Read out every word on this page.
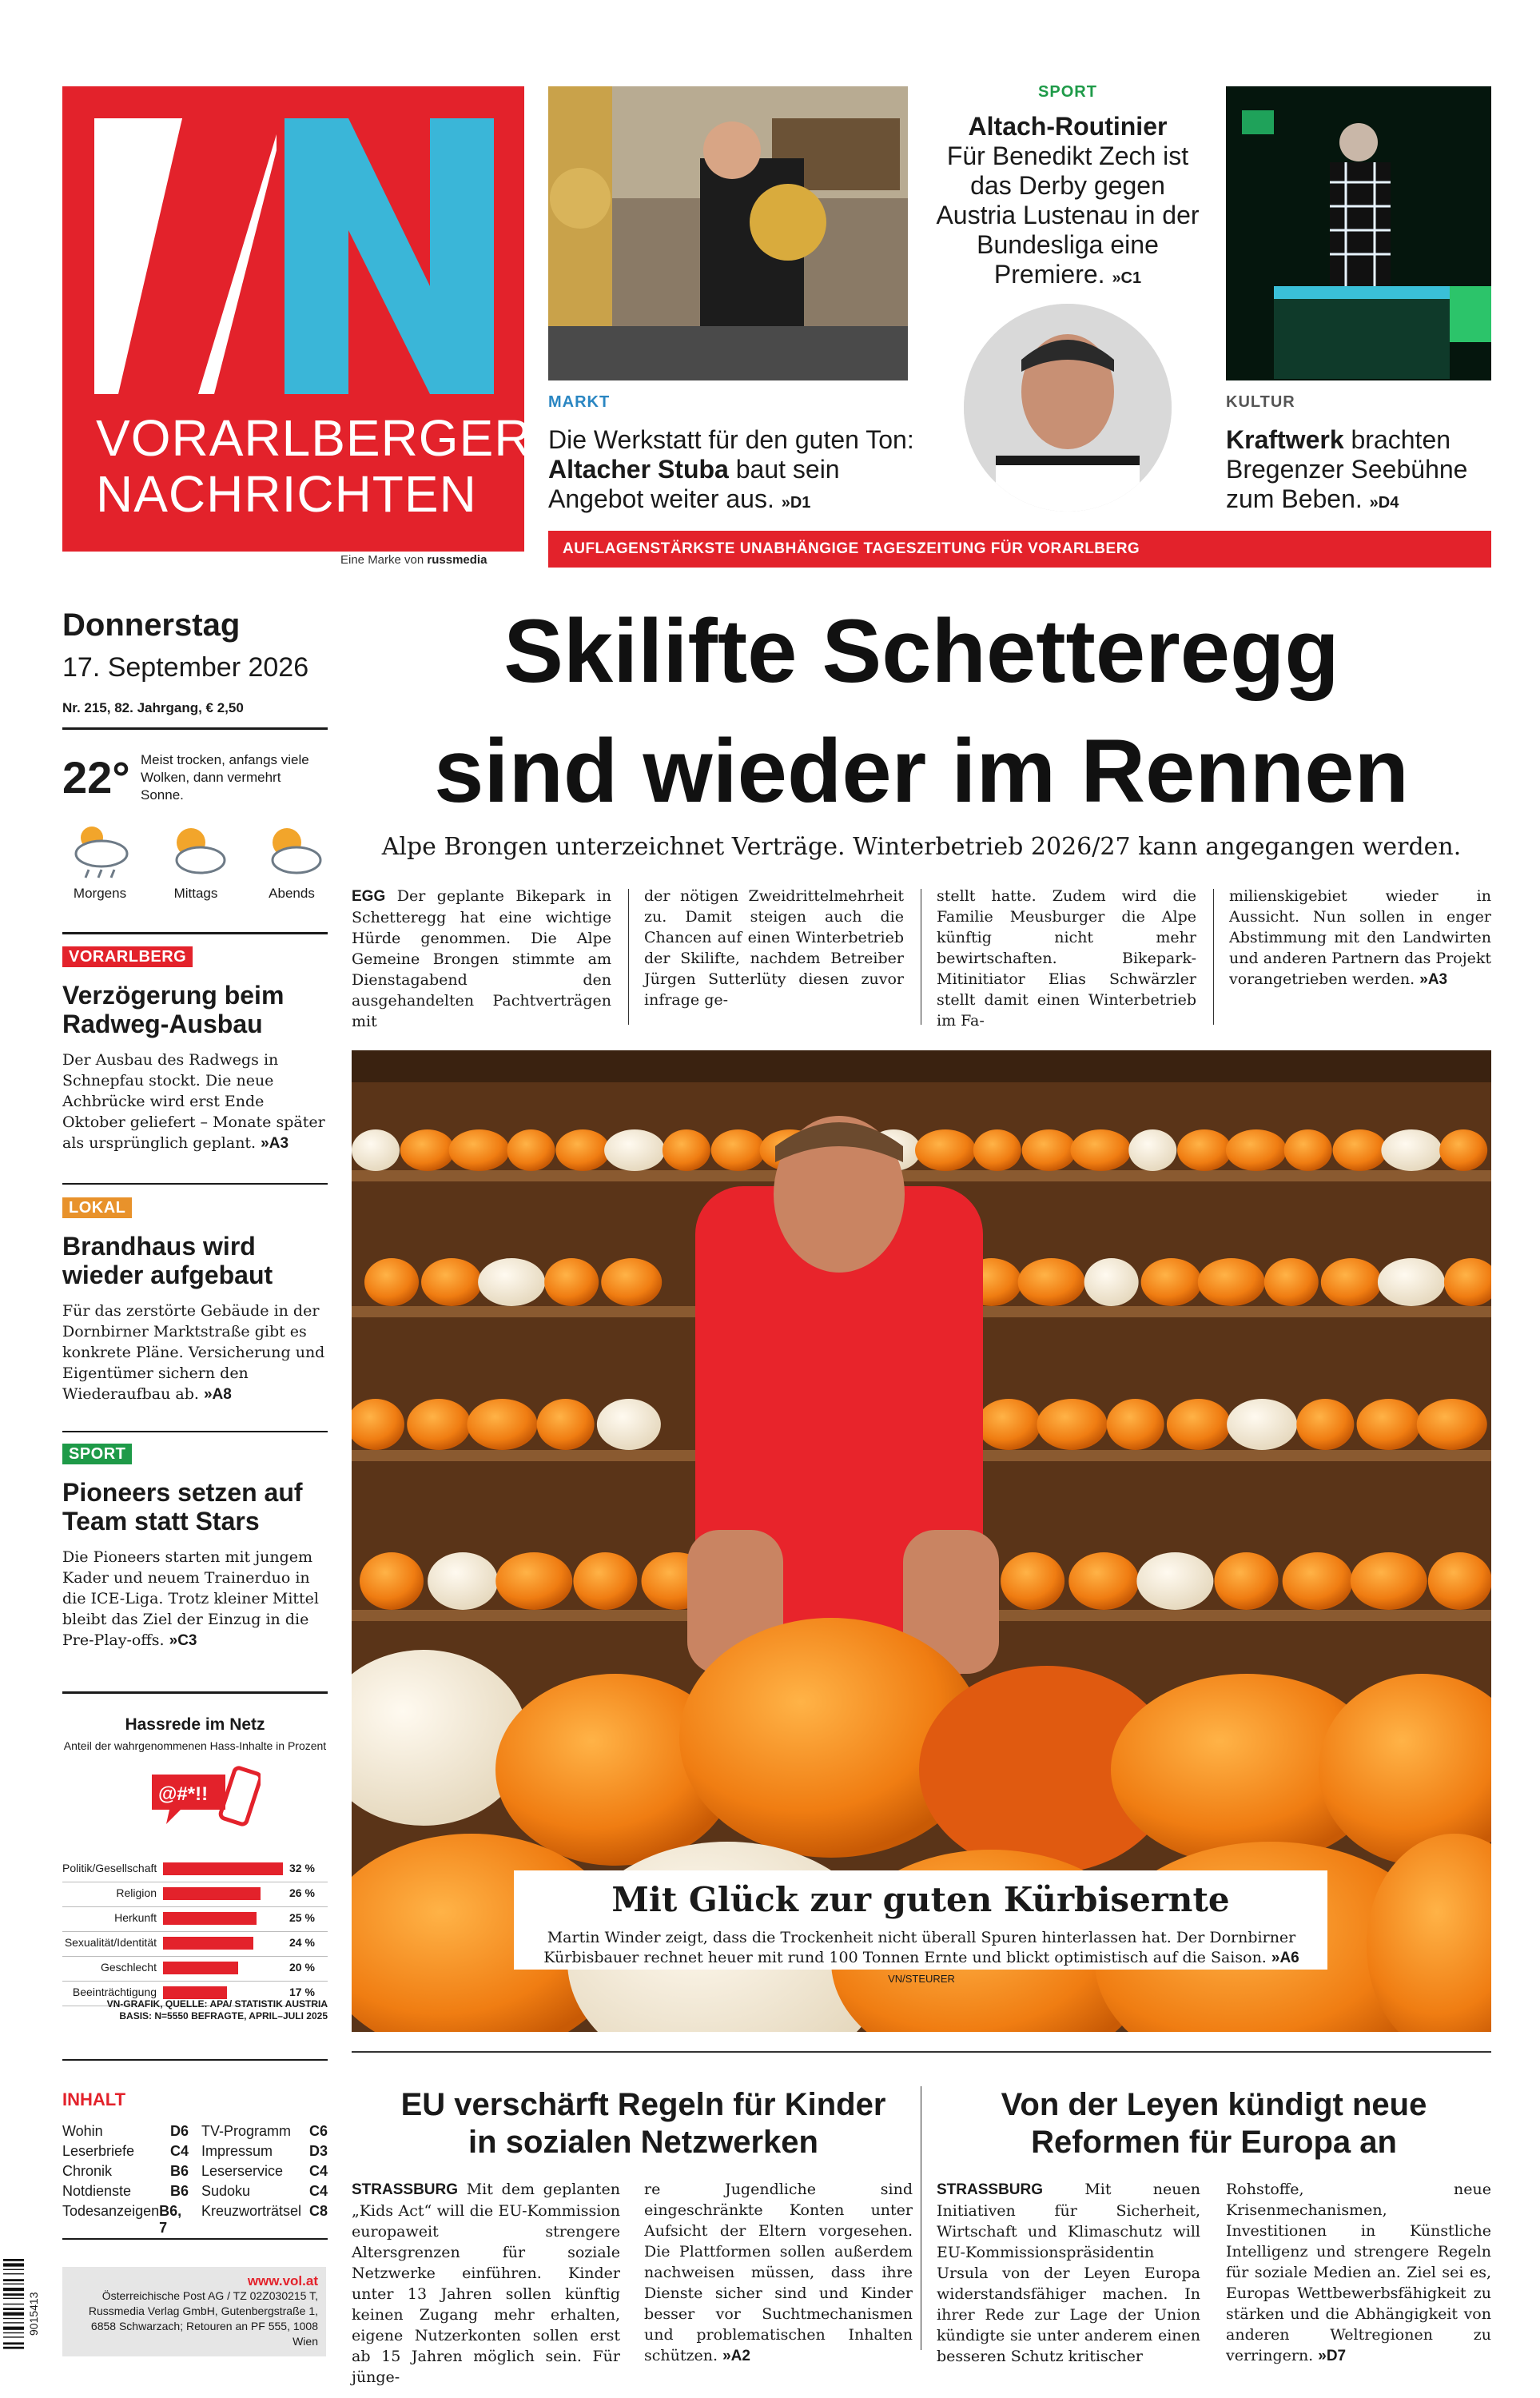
VORARLBERGER
NACHRICHTEN
Eine Marke von russmedia
MARKT
Die Werkstatt für den guten Ton: Altacher Stuba baut sein Angebot weiter aus. »D1
SPORT
Altach-Routinier
Für Benedikt Zech ist das Derby gegen Austria Lustenau in der Bundesliga eine Premiere. »C1
KULTUR
Kraftwerk brachten Bregenzer Seebühne zum Beben. »D4
AUFLAGENSTÄRKSTE UNABHÄNGIGE TAGESZEITUNG FÜR VORARLBERG
Donnerstag
17. September 2026
Nr. 215, 82. Jahrgang, € 2,50
22° Meist trocken, anfangs viele Wolken, dann vermehrt Sonne.
Morgens	Mittags	Abends
VORARLBERG
Verzögerung beim Radweg-Ausbau
Der Ausbau des Radwegs in Schnepfau stockt. Die neue Achbrücke wird erst Ende Oktober geliefert – Monate später als ursprünglich geplant. »A3
LOKAL
Brandhaus wird wieder aufgebaut
Für das zerstörte Gebäude in der Dornbirner Marktstraße gibt es konkrete Pläne. Versicherung und Eigentümer sichern den Wiederaufbau ab. »A8
SPORT
Pioneers setzen auf Team statt Stars
Die Pioneers starten mit jungem Kader und neuem Trainerduo in die ICE-Liga. Trotz kleiner Mittel bleibt das Ziel der Einzug in die Pre-Play-offs. »C3
Hassrede im Netz
Anteil der wahrgenommenen Hass-Inhalte in Prozent
@#*!!
Politik/Gesellschaft	32 %
Religion	26 %
Herkunft	25 %
Sexualität/Identität	24 %
Geschlecht	20 %
Beeinträchtigung	17 %
VN-GRAFIK, QUELLE: APA/ STATISTIK AUSTRIA
BASIS: N=5550 BEFRAGTE, APRIL–JULI 2025
INHALT
Wohin	D6
Leserbriefe C4
Chronik	B6
Notdienste	B6
Todesanzeigen B6, 7
TV-Programm C6
Impressum	D3
Leserservice C4
Sudoku	C4
Kreuzworträtsel C8
www.vol.at
Österreichische Post AG / TZ 02Z030215 T,
Russmedia Verlag GmbH, Gutenbergstraße 1,
6858 Schwarzach; Retouren an PF 555, 1008 Wien
9015413
Skilifte Schetteregg
sind wieder im Rennen
Alpe Brongen unterzeichnet Verträge. Winterbetrieb 2026/27 kann angegangen werden.
EGG Der geplante Bikepark in Schetteregg hat eine wichtige Hürde genommen. Die Alpe Gemeine Brongen stimmte am Dienstagabend den ausgehandelten Pachtverträgen mit
der nötigen Zweidrittelmehrheit zu. Damit steigen auch die Chancen auf einen Winterbetrieb der Skilifte, nachdem Betreiber Jürgen Sutterlüty diesen zuvor infrage ge-
stellt hatte. Zudem wird die Familie Meusburger die Alpe künftig nicht mehr bewirtschaften. Bikepark-Mitinitiator Elias Schwärzler stellt damit einen Winterbetrieb im Fa-
milienskigebiet wieder in Aussicht. Nun sollen in enger Abstimmung mit den Landwirten und anderen Partnern das Projekt vorangetrieben werden. »A3
Mit Glück zur guten Kürbisernte
Martin Winder zeigt, dass die Trockenheit nicht überall Spuren hinterlassen hat. Der Dornbirner Kürbisbauer rechnet heuer mit rund 100 Tonnen Ernte und blickt optimistisch auf die Saison. »A6 VN/STEURER
EU verschärft Regeln für Kinder
in sozialen Netzwerken
STRASSBURG Mit dem geplanten „Kids Act“ will die EU-Kommission europaweit strengere Altersgrenzen für soziale Netzwerke einführen. Kinder unter 13 Jahren sollen künftig keinen Zugang mehr erhalten, eigene Nutzerkonten sollen erst ab 15 Jahren möglich sein. Für jünge-
re Jugendliche sind eingeschränkte Konten unter Aufsicht der Eltern vorgesehen. Die Plattformen sollen außerdem nachweisen müssen, dass ihre Dienste sicher sind und Kinder besser vor Suchtmechanismen und problematischen Inhalten schützen. »A2
Von der Leyen kündigt neue
Reformen für Europa an
STRASSBURG Mit neuen Initiativen für Sicherheit, Wirtschaft und Klimaschutz will EU-Kommissionspräsidentin Ursula von der Leyen Europa widerstandsfähiger machen. In ihrer Rede zur Lage der Union kündigte sie unter anderem einen besseren Schutz kritischer
Rohstoffe, neue Krisenmechanismen, Investitionen in Künstliche Intelligenz und strengere Regeln für soziale Medien an. Ziel sei es, Europas Wettbewerbsfähigkeit zu stärken und die Abhängigkeit von anderen Weltregionen zu verringern. »D7
